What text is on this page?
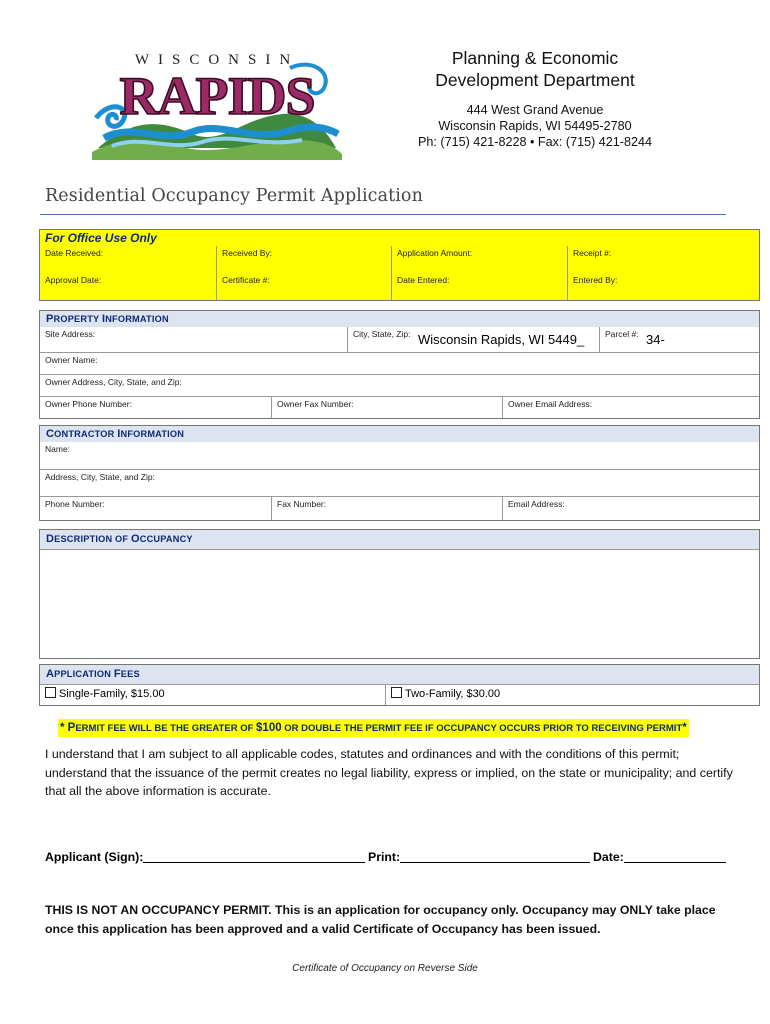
WISCONSIN
RAPIDS
Planning & Economic
Development Department
444 West Grand Avenue
Wisconsin Rapids, WI 54495-2780
Ph: (715) 421-8228 • Fax: (715) 421-8244
Residential Occupancy Permit Application
For Office Use Only
Date Received:	Received By:	Application Amount:	Receipt #:
Approval Date:	Certificate #:	Date Entered:	Entered By:
PROPERTY INFORMATION
Site Address:	City, State, Zip: Wisconsin Rapids, WI 5449_ Parcel #: 34-
Owner Name:
Owner Address, City, State, and Zip:
Owner Phone Number:	Owner Fax Number:	Owner Email Address:
CONTRACTOR INFORMATION
Name:
Address, City, State, and Zip:
Phone Number:	Fax Number:	Email Address:
DESCRIPTION OF OCCUPANCY
APPLICATION FEES
Single-Family, $15.00	Two-Family, $30.00
* PERMIT FEE WILL BE THE GREATER OF $100 OR DOUBLE THE PERMIT FEE IF OCCUPANCY OCCURS PRIOR TO RECEIVING PERMIT*
I understand that I am subject to all applicable codes, statutes and ordinances and with the conditions of this permit; understand that the issuance of the permit creates no legal liability, express or implied, on the state or municipality; and certify that all the above information is accurate.
Applicant (Sign):	Print:	Date:
THIS IS NOT AN OCCUPANCY PERMIT. This is an application for occupancy only. Occupancy may ONLY take place once this application has been approved and a valid Certificate of Occupancy has been issued.
Certificate of Occupancy on Reverse Side
